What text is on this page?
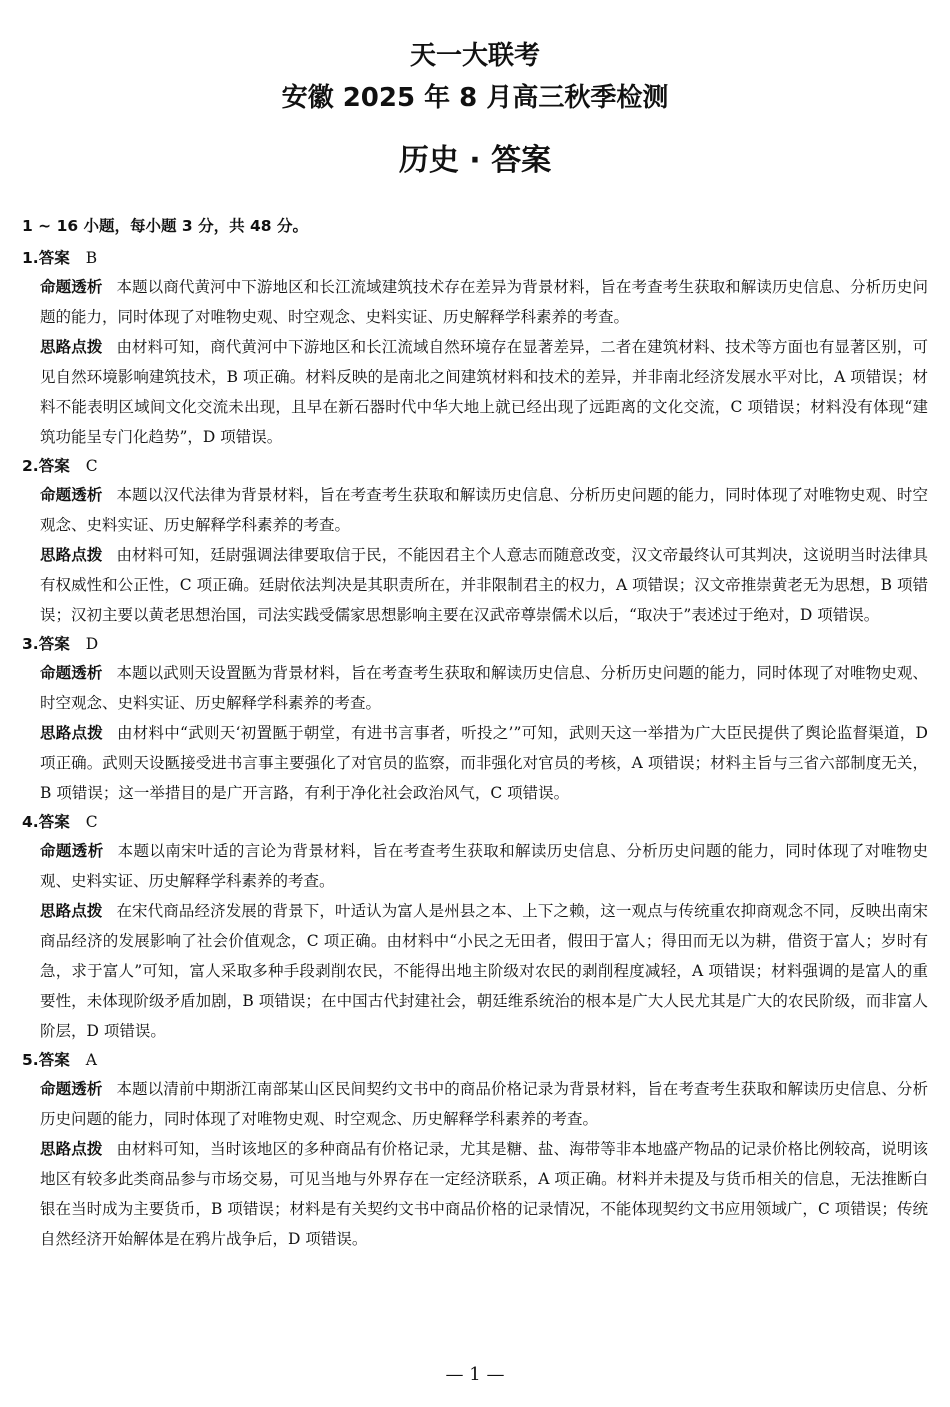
天一大联考
安徽 2025 年 8 月高三秋季检测
历史 · 答案
1 ~ 16 小题，每小题 3 分，共 48 分。
1.答案 B
命题透析 本题以商代黄河中下游地区和长江流域建筑技术存在差异为背景材料，旨在考查考生获取和解读历史信息、分析历史问题的能力，同时体现了对唯物史观、时空观念、史料实证、历史解释学科素养的考查。
思路点拨 由材料可知，商代黄河中下游地区和长江流域自然环境存在显著差异，二者在建筑材料、技术等方面也有显著区别，可见自然环境影响建筑技术，B 项正确。材料反映的是南北之间建筑材料和技术的差异，并非南北经济发展水平对比，A 项错误；材料不能表明区域间文化交流未出现，且早在新石器时代中华大地上就已经出现了远距离的文化交流，C 项错误；材料没有体现“建筑功能呈专门化趋势”，D 项错误。
2.答案 C
命题透析 本题以汉代法律为背景材料，旨在考查考生获取和解读历史信息、分析历史问题的能力，同时体现了对唯物史观、时空观念、史料实证、历史解释学科素养的考查。
思路点拨 由材料可知，廷尉强调法律要取信于民，不能因君主个人意志而随意改变，汉文帝最终认可其判决，这说明当时法律具有权威性和公正性，C 项正确。廷尉依法判决是其职责所在，并非限制君主的权力，A 项错误；汉文帝推崇黄老无为思想，B 项错误；汉初主要以黄老思想治国，司法实践受儒家思想影响主要在汉武帝尊崇儒术以后，“取决于”表述过于绝对，D 项错误。
3.答案 D
命题透析 本题以武则天设置匦为背景材料，旨在考查考生获取和解读历史信息、分析历史问题的能力，同时体现了对唯物史观、时空观念、史料实证、历史解释学科素养的考查。
思路点拨 由材料中“武则天‘初置匦于朝堂，有进书言事者，听投之’”可知，武则天这一举措为广大臣民提供了舆论监督渠道，D 项正确。武则天设匦接受进书言事主要强化了对官员的监察，而非强化对官员的考核，A 项错误；材料主旨与三省六部制度无关，B 项错误；这一举措目的是广开言路，有利于净化社会政治风气，C 项错误。
4.答案 C
命题透析 本题以南宋叶适的言论为背景材料，旨在考查考生获取和解读历史信息、分析历史问题的能力，同时体现了对唯物史观、史料实证、历史解释学科素养的考查。
思路点拨 在宋代商品经济发展的背景下，叶适认为富人是州县之本、上下之赖，这一观点与传统重农抑商观念不同，反映出南宋商品经济的发展影响了社会价值观念，C 项正确。由材料中“小民之无田者，假田于富人；得田而无以为耕，借资于富人；岁时有急，求于富人”可知，富人采取多种手段剥削农民，不能得出地主阶级对农民的剥削程度减轻，A 项错误；材料强调的是富人的重要性，未体现阶级矛盾加剧，B 项错误；在中国古代封建社会，朝廷维系统治的根本是广大人民尤其是广大的农民阶级，而非富人阶层，D 项错误。
5.答案 A
命题透析 本题以清前中期浙江南部某山区民间契约文书中的商品价格记录为背景材料，旨在考查考生获取和解读历史信息、分析历史问题的能力，同时体现了对唯物史观、时空观念、历史解释学科素养的考查。
思路点拨 由材料可知，当时该地区的多种商品有价格记录，尤其是糖、盐、海带等非本地盛产物品的记录价格比例较高，说明该地区有较多此类商品参与市场交易，可见当地与外界存在一定经济联系，A 项正确。材料并未提及与货币相关的信息，无法推断白银在当时成为主要货币，B 项错误；材料是有关契约文书中商品价格的记录情况，不能体现契约文书应用领域广，C 项错误；传统自然经济开始解体是在鸦片战争后，D 项错误。
— 1 —
